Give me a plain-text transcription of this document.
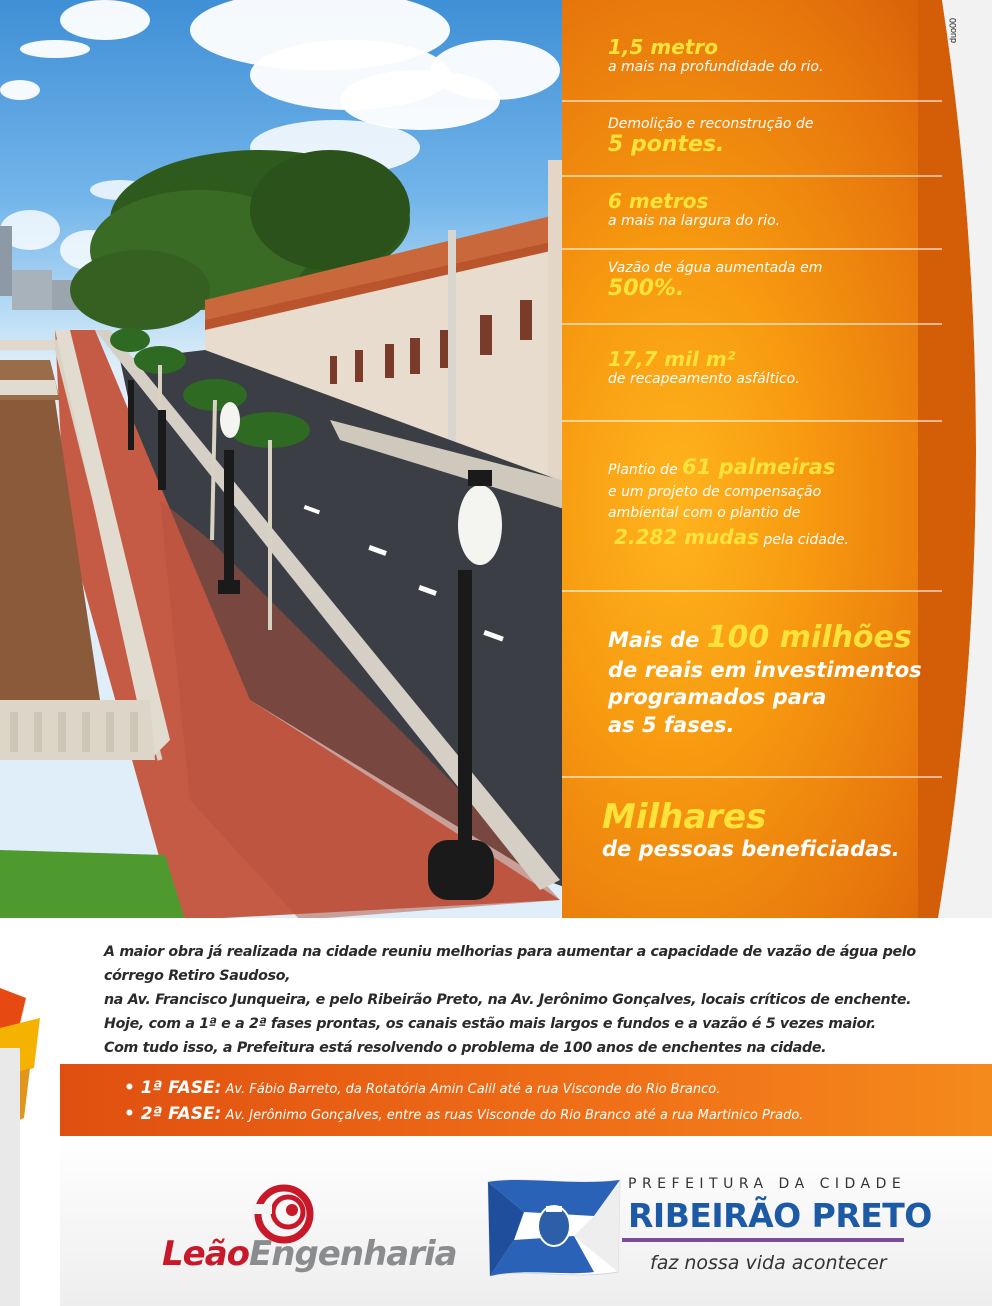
duo00
1,5 metro
a mais na profundidade do rio.
Demolição e reconstrução de
5 pontes.
6 metros
a mais na largura do rio.
Vazão de água aumentada em
500%.
17,7 mil m²
de recapeamento asfáltico.
Plantio de 61 palmeiras
e um projeto de compensação
ambiental com o plantio de
2.282 mudas pela cidade.
Mais de 100 milhões
de reais em investimentos
programados para
as 5 fases.
Milhares
de pessoas beneficiadas.
A maior obra já realizada na cidade reuniu melhorias para aumentar a capacidade de vazão de água pelo córrego Retiro Saudoso,
na Av. Francisco Junqueira, e pelo Ribeirão Preto, na Av. Jerônimo Gonçalves, locais críticos de enchente.
Hoje, com a 1ª e a 2ª fases prontas, os canais estão mais largos e fundos e a vazão é 5 vezes maior.
Com tudo isso, a Prefeitura está resolvendo o problema de 100 anos de enchentes na cidade.
• 1ª FASE: Av. Fábio Barreto, da Rotatória Amin Calil até a rua Visconde do Rio Branco.
• 2ª FASE: Av. Jerônimo Gonçalves, entre as ruas Visconde do Rio Branco até a rua Martinico Prado.
LeãoEngenharia
PREFEITURA DA CIDADE
RIBEIRÃO PRETO
faz nossa vida acontecer
